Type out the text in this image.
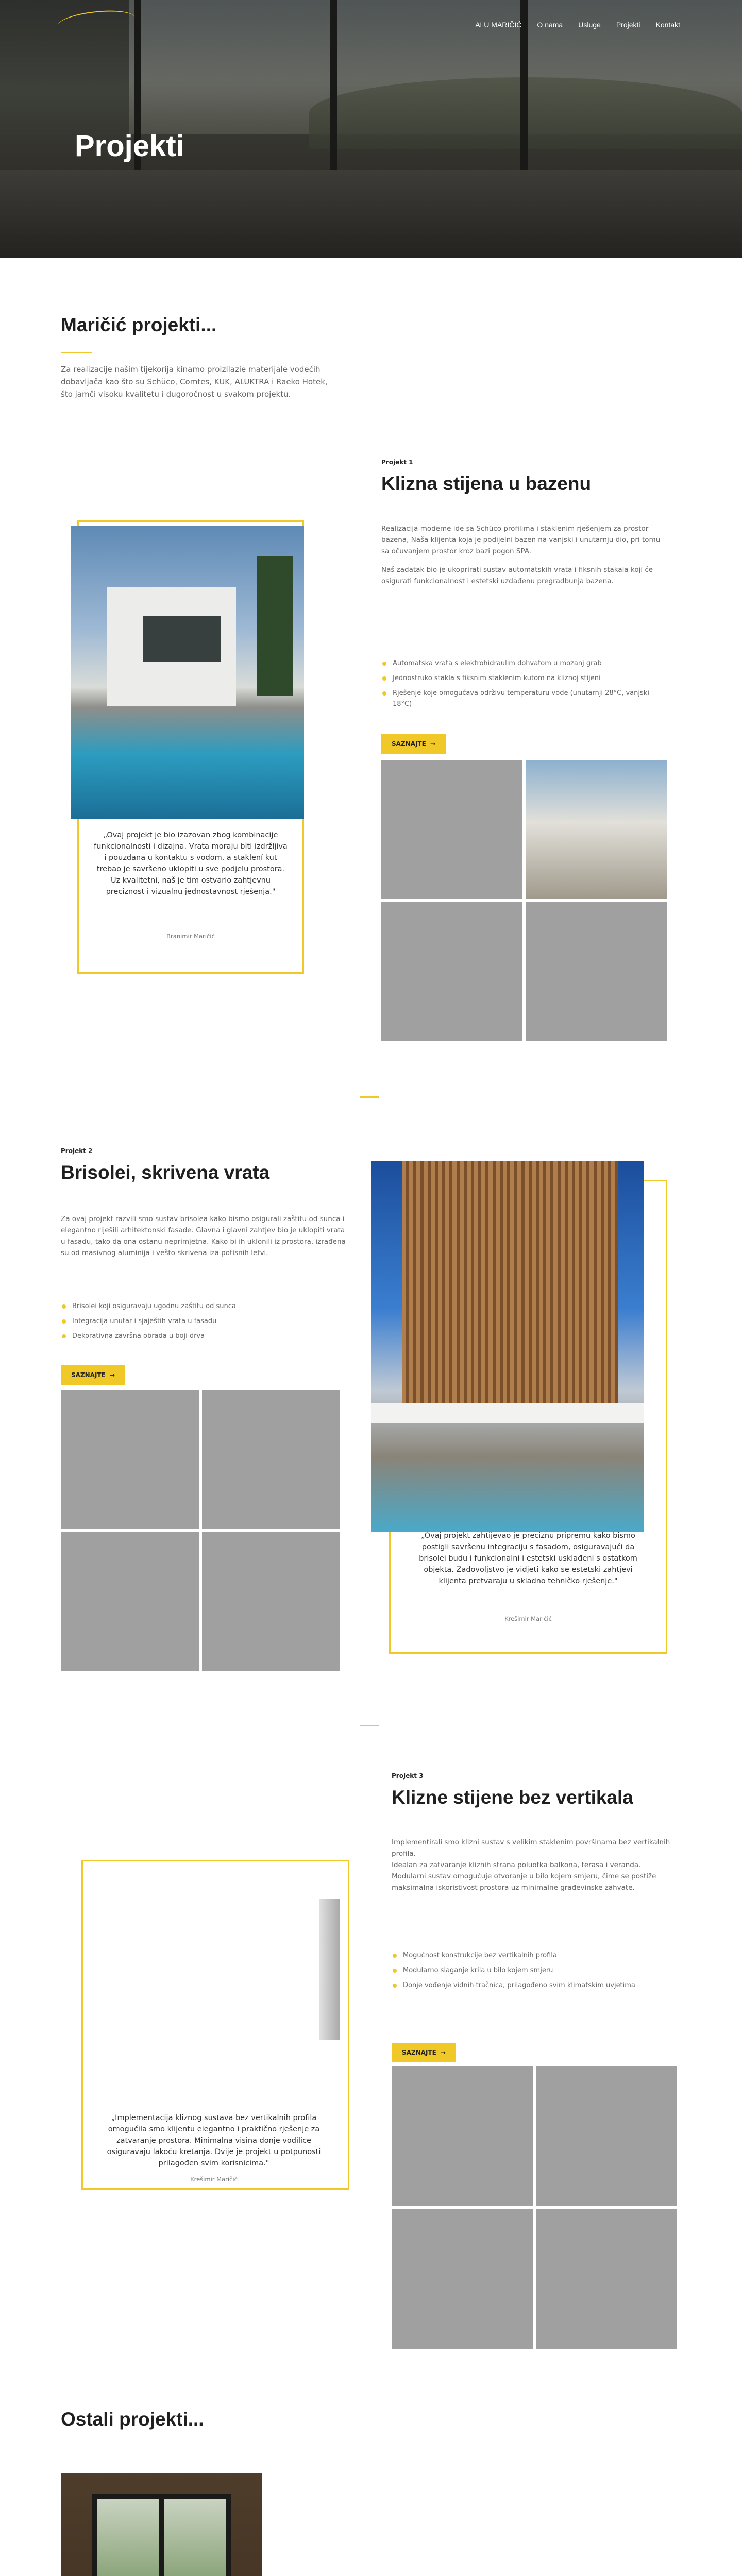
ALU MARIČIĆ O nama Usluge Projekti Kontakt
Projekti
Maričić projekti...
Za realizacije našim tijekorija kinamo proizilazie materijale vodećih dobavljača kao što su Schüco, Comtes, KUK, ALUKTRA i Raeko Hotek, što jamči visoku kvalitetu i dugoročnost u svakom projektu.
„Ovaj projekt je bio izazovan zbog kombinacije funkcionalnosti i dizajna. Vrata moraju biti izdržljiva i pouzdana u kontaktu s vodom, a staklení kut trebao je savršeno uklopiti u sve podjelu prostora. Uz kvalitetni, naš je tim ostvario zahtjevnu preciznost i vizualnu jednostavnost rješenja."
Branimir Maričić
Projekt 1
Klizna stijena u bazenu

Realizacija modeme ide sa Schüco profilima i staklenim rješenjem za prostor bazena, Naša klijenta koja je podijelni bazen na vanjski i unutarnju dio, pri tomu sa očuvanjem prostor kroz bazi pogon SPA.

Naš zadatak bio je ukoprirati sustav automatskih vrata i fiksnih stakala koji će osigurati funkcionalnost i estetski uzdađenu pregradbunja bazena.

Automatska vrata s elektrohidraulim dohvatom u mozanj grab
Jednostruko stakla s fiksnim staklenim kutom na kliznoj stijeni
Rješenje koje omogućava održivu temperaturu vode (unutarnji 28°C, vanjski 18°C)
SAZNAJTE →
Projekt 2
Brisolei, skrivena vrata

Za ovaj projekt razvili smo sustav brisolea kako bismo osigurali zaštitu od sunca i elegantno riješili arhitektonski fasade. Glavna i glavni zahtjev bio je uklopiti vrata u fasadu, tako da ona ostanu neprimjetna. Kako bi ih uklonili iz prostora, izrađena su od masivnog aluminija i vešto skrivena iza potisnih letvi.

Brisolei koji osiguravaju ugodnu zaštitu od sunca
Integracija unutar i sjaještih vrata u fasadu
Dekorativna završna obrada u boji drva
SAZNAJTE →
„Ovaj projekt zahtijevao je preciznu pripremu kako bismo postigli savršenu integraciju s fasadom, osiguravajući da brisolei budu i funkcionalni i estetski usklađeni s ostatkom objekta. Zadovoljstvo je vidjeti kako se estetski zahtjevi klijenta pretvaraju u skladno tehničko rješenje."
Krešimir Maričić
„Implementacija kliznog sustava bez vertikalnih profila omogućila smo klijentu elegantno i praktično rješenje za zatvaranje prostora. Minimalna visina donje vodilice osiguravaju lakoću kretanja. Dvije je projekt u potpunosti prilagođen svim korisnicima."
Krešimir Maričić
Projekt 3
Klizne stijene bez vertikala

Implementirali smo klizni sustav s velikim staklenim površinama bez vertikalnih profila.

Idealan za zatvaranje kliznih strana poluotka balkona, terasa i veranda.

Modularni sustav omogućuje otvoranje u bilo kojem smjeru, čime se postiže maksimalna iskoristivost prostora uz minimalne građevinske zahvate.

Mogućnost konstrukcije bez vertikalnih profila
Modularno slaganje krila u bilo kojem smjeru
Donje vođenje vidnih tračnica, prilagođeno svim klimatskim uvjetima
SAZNAJTE →
Ostali projekti...
